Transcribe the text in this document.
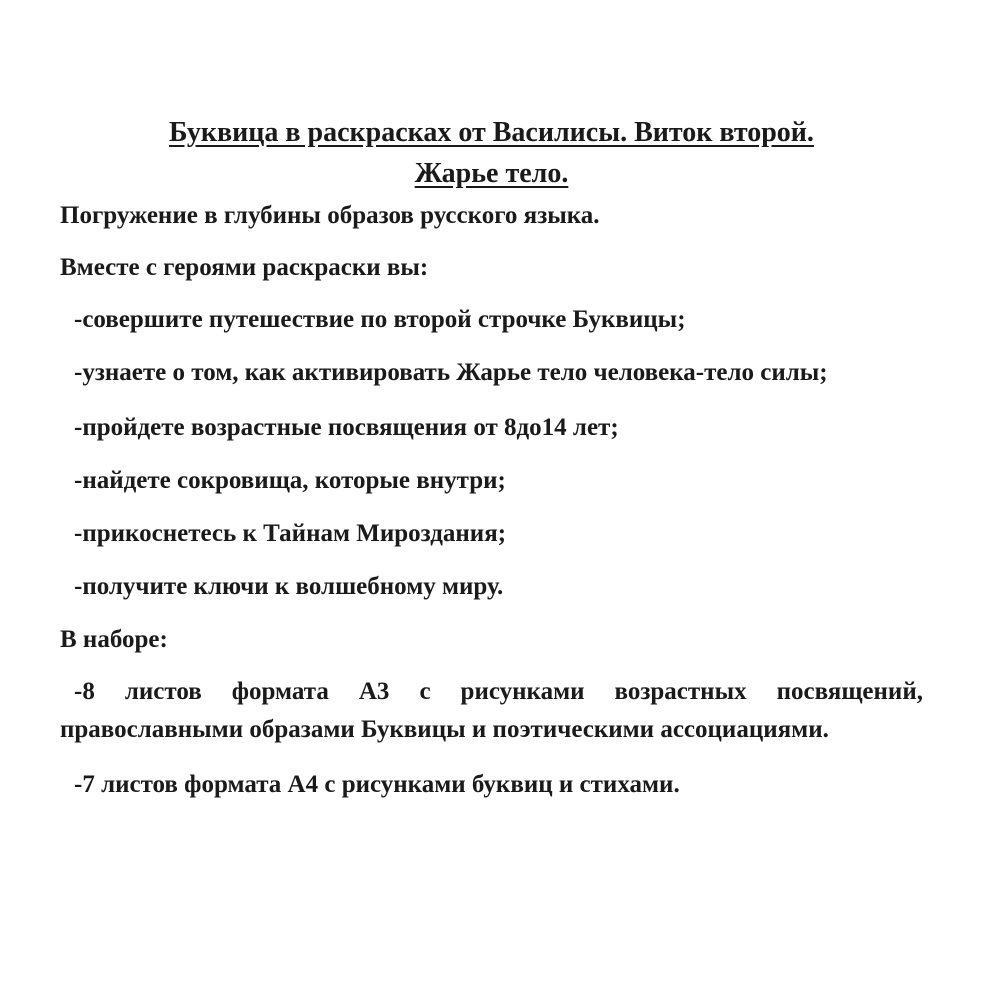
Буквица в раскрасках от Василисы. Виток второй.
Жарье тело.

Погружение в глубины образов русского языка.

Вместе с героями раскраски вы:

-совершите путешествие по второй строчке Буквицы;

-узнаете о том, как активировать Жарье тело человека-тело силы;

-пройдете возрастные посвящения от 8до14 лет;

-найдете сокровища, которые внутри;

-прикоснетесь к Тайнам Мироздания;

-получите ключи к волшебному миру.

В наборе:

-8 листов формата А3 с рисунками возрастных посвящений, православными образами Буквицы и поэтическими ассоциациями.

-7 листов формата А4 с рисунками буквиц и стихами.
